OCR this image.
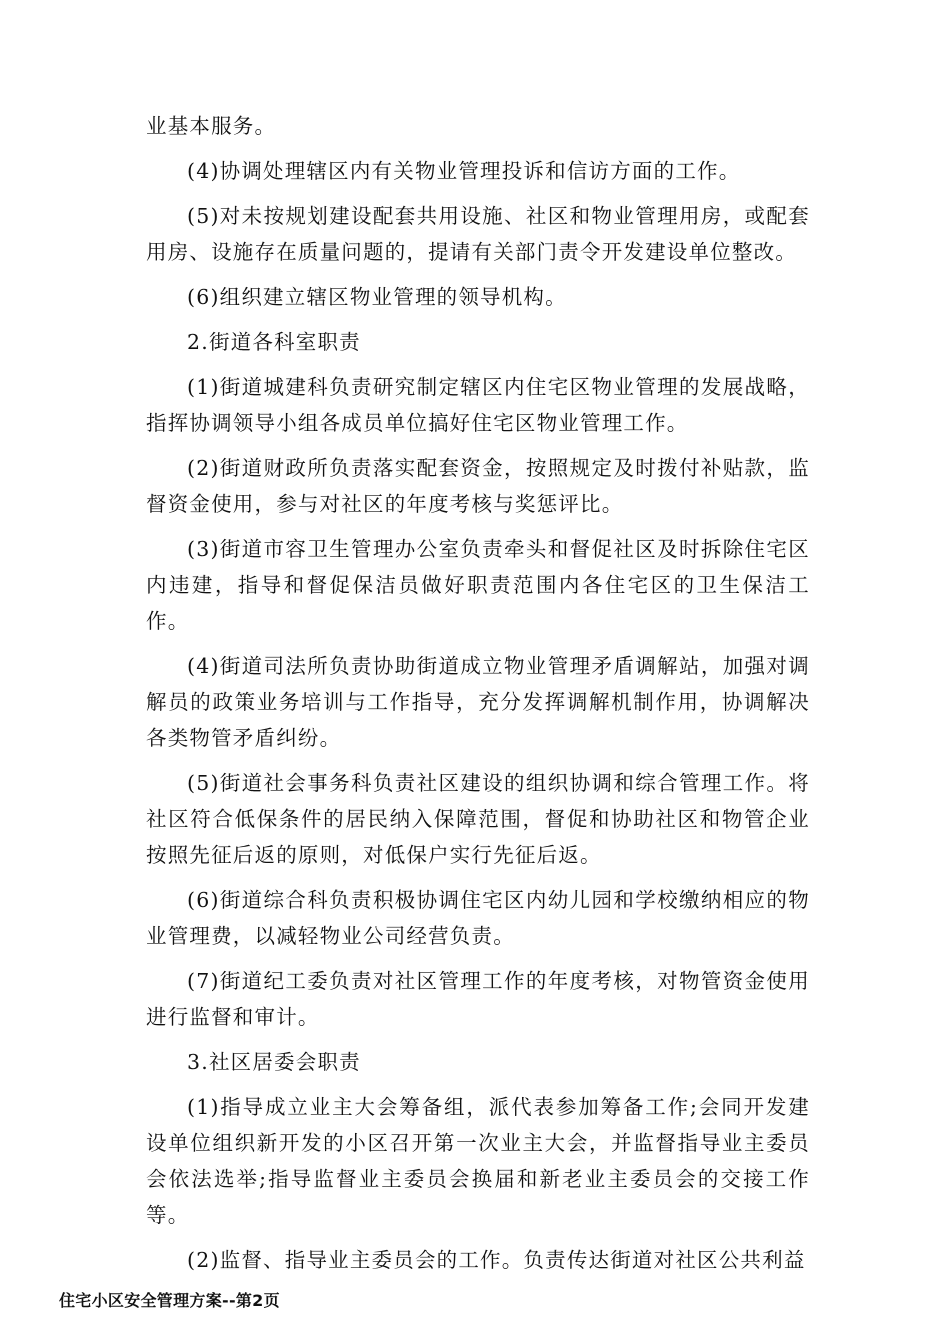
业基本服务。

(4)协调处理辖区内有关物业管理投诉和信访方面的工作。

(5)对未按规划建设配套共用设施、社区和物业管理用房，或配套用房、设施存在质量问题的，提请有关部门责令开发建设单位整改。

(6)组织建立辖区物业管理的领导机构。

2.街道各科室职责

(1)街道城建科负责研究制定辖区内住宅区物业管理的发展战略，指挥协调领导小组各成员单位搞好住宅区物业管理工作。

(2)街道财政所负责落实配套资金，按照规定及时拨付补贴款，监督资金使用，参与对社区的年度考核与奖惩评比。

(3)街道市容卫生管理办公室负责牵头和督促社区及时拆除住宅区内违建，指导和督促保洁员做好职责范围内各住宅区的卫生保洁工作。

(4)街道司法所负责协助街道成立物业管理矛盾调解站，加强对调解员的政策业务培训与工作指导，充分发挥调解机制作用，协调解决各类物管矛盾纠纷。

(5)街道社会事务科负责社区建设的组织协调和综合管理工作。将社区符合低保条件的居民纳入保障范围，督促和协助社区和物管企业按照先征后返的原则，对低保户实行先征后返。

(6)街道综合科负责积极协调住宅区内幼儿园和学校缴纳相应的物业管理费，以减轻物业公司经营负责。

(7)街道纪工委负责对社区管理工作的年度考核，对物管资金使用进行监督和审计。

3.社区居委会职责

(1)指导成立业主大会筹备组，派代表参加筹备工作;会同开发建设单位组织新开发的小区召开第一次业主大会，并监督指导业主委员会依法选举;指导监督业主委员会换届和新老业主委员会的交接工作等。

(2)监督、指导业主委员会的工作。负责传达街道对社区公共利益

住宅小区安全管理方案--第2页
